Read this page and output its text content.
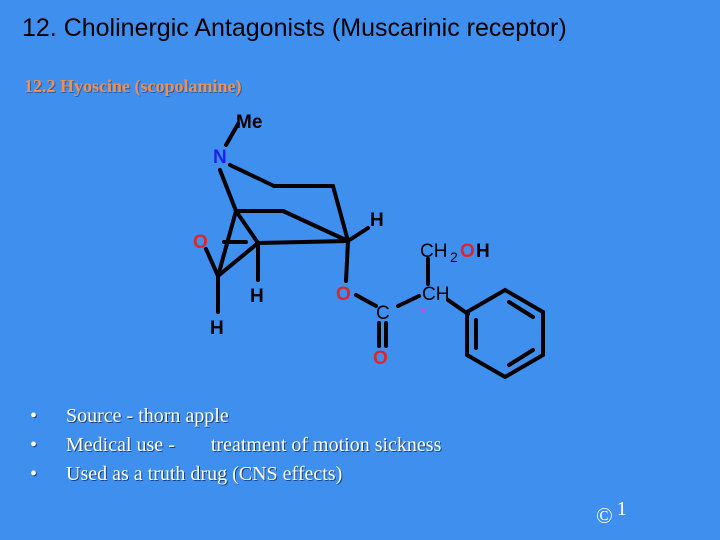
12. Cholinergic Antagonists (Muscarinic receptor)
12.2 Hyoscine (scopolamine)
Me
N
O
H
H
H
O
C
O
CH
*
CH 2 O H
• Source - thorn apple
• Medical use - treatment of motion sickness
• Used as a truth drug (CNS effects)
© 1
